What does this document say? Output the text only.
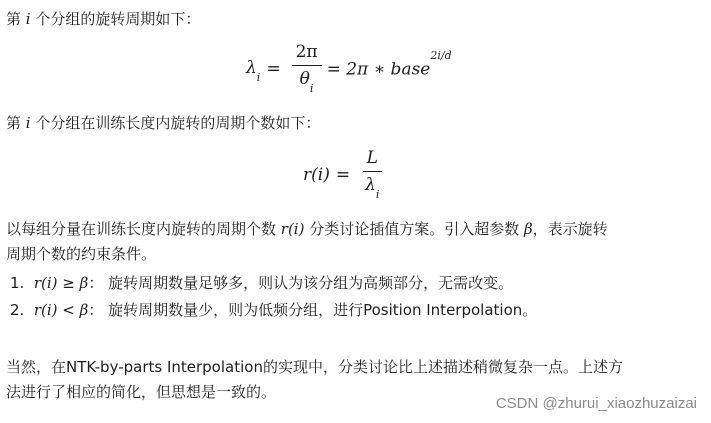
第 i 个分组的旋转周期如下：
$\lambda_i = \frac{2\pi}{\theta_i} = 2\pi$ ∗ base$^{2i/d}$
第 i 个分组在训练长度内旋转的周期个数如下：
$r(i) = \frac{L}{\lambda_i}$
以每组分量在训练长度内旋转的周期个数 r(i) 分类讨论插值方案。引入超参数 β，表示旋转
周期个数的约束条件。
1. r(i) ≥ β： 旋转周期数量足够多，则认为该分组为高频部分，无需改变。
2. r(i) < β： 旋转周期数量少，则为低频分组，进行Position Interpolation。
当然，在NTK-by-parts Interpolation的实现中，分类讨论比上述描述稍微复杂一点。上述方
法进行了相应的简化，但思想是一致的。
CSDN @zhurui_xiaozhuzaizai
